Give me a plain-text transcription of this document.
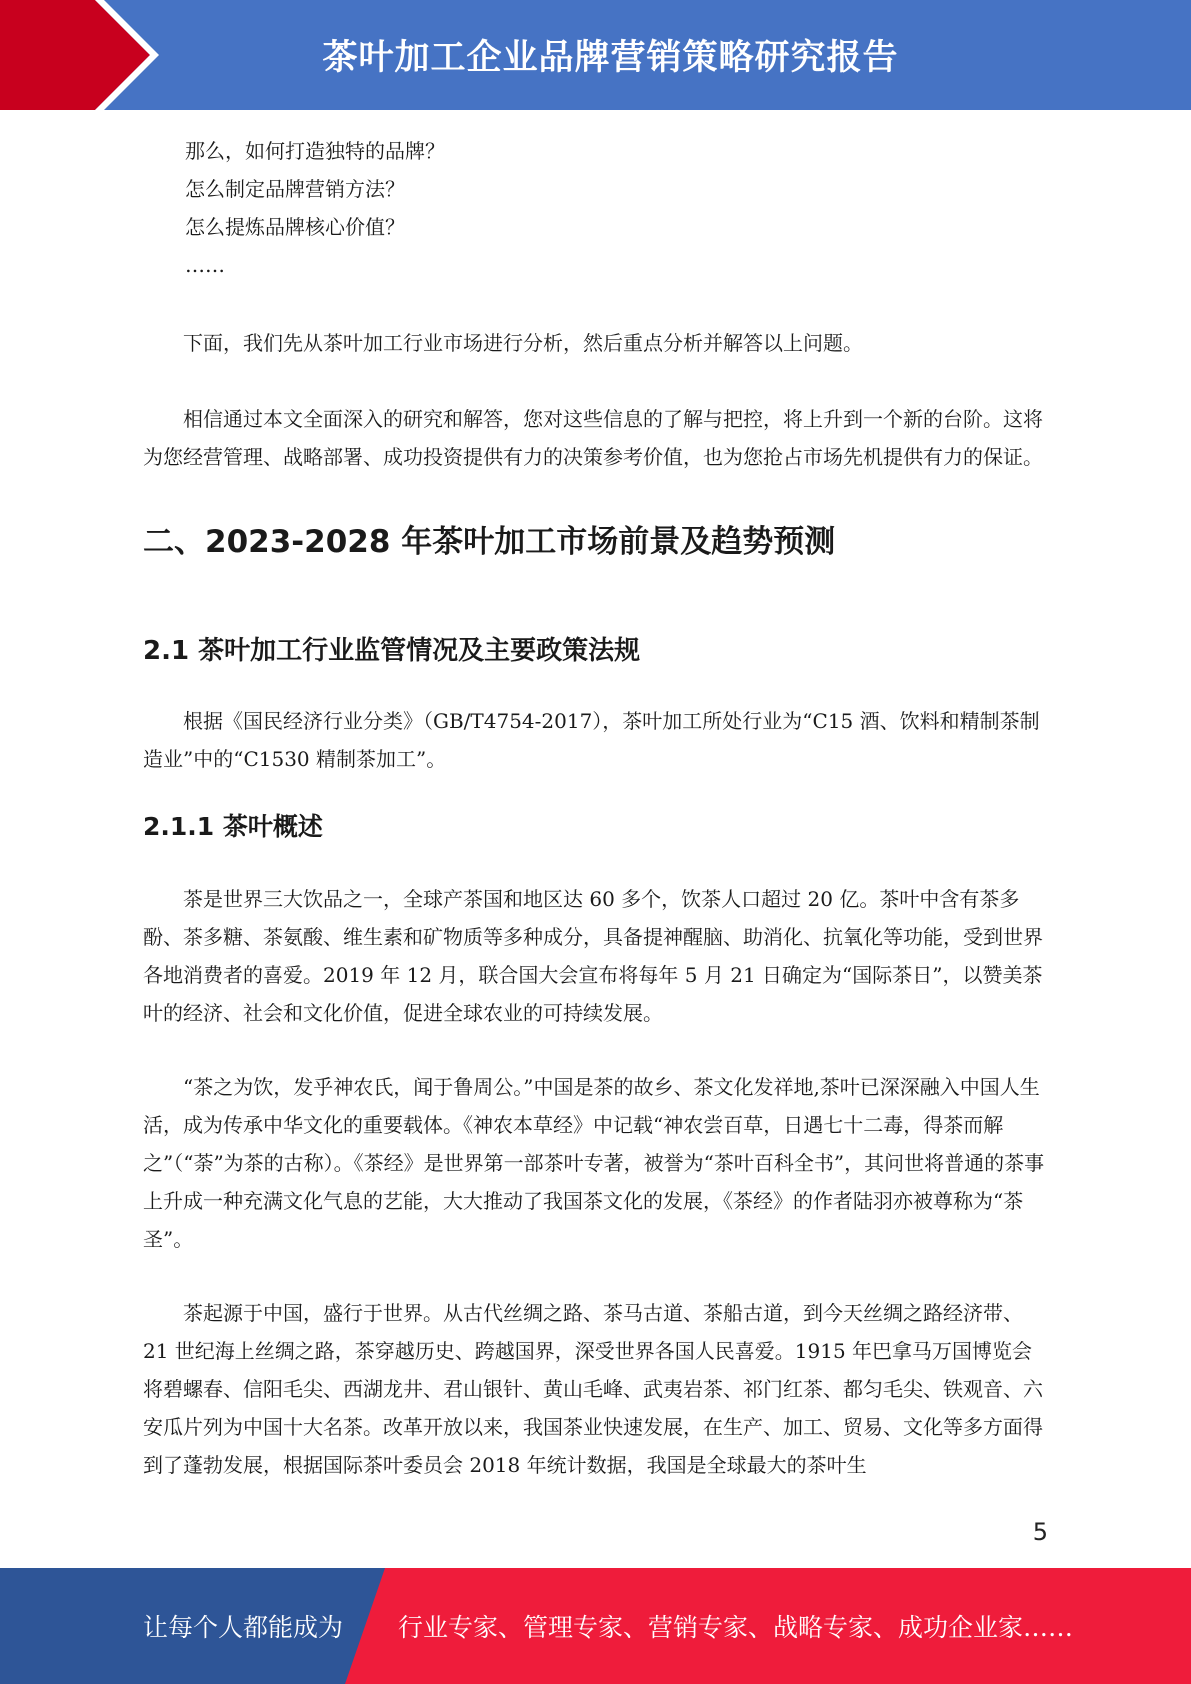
茶叶加工企业品牌营销策略研究报告

那么，如何打造独特的品牌？

怎么制定品牌营销方法？

怎么提炼品牌核心价值？

……

下面，我们先从茶叶加工行业市场进行分析，然后重点分析并解答以上问题。

相信通过本文全面深入的研究和解答，您对这些信息的了解与把控，将上升到一个新的台阶。这将为您经营管理、战略部署、成功投资提供有力的决策参考价值，也为您抢占市场先机提供有力的保证。

二、2023-2028 年茶叶加工市场前景及趋势预测
2.1 茶叶加工行业监管情况及主要政策法规

根据《国民经济行业分类》（GB/T4754-2017），茶叶加工所处行业为“C15 酒、饮料和精制茶制造业”中的“C1530 精制茶加工”。

2.1.1 茶叶概述

茶是世界三大饮品之一，全球产茶国和地区达 60 多个，饮茶人口超过 20 亿。茶叶中含有茶多酚、茶多糖、茶氨酸、维生素和矿物质等多种成分，具备提神醒脑、助消化、抗氧化等功能，受到世界各地消费者的喜爱。2019 年 12 月，联合国大会宣布将每年 5 月 21 日确定为“国际茶日”，以赞美茶叶的经济、社会和文化价值，促进全球农业的可持续发展。

“茶之为饮，发乎神农氏，闻于鲁周公。”中国是茶的故乡、茶文化发祥地,茶叶已深深融入中国人生活，成为传承中华文化的重要载体。《神农本草经》中记载“神农尝百草，日遇七十二毒，得茶而解之”（“荼”为茶的古称）。《茶经》是世界第一部茶叶专著，被誉为“茶叶百科全书”，其问世将普通的茶事上升成一种充满文化气息的艺能，大大推动了我国茶文化的发展，《茶经》的作者陆羽亦被尊称为“茶圣”。

茶起源于中国，盛行于世界。从古代丝绸之路、茶马古道、茶船古道，到今天丝绸之路经济带、21 世纪海上丝绸之路，茶穿越历史、跨越国界，深受世界各国人民喜爱。1915 年巴拿马万国博览会将碧螺春、信阳毛尖、西湖龙井、君山银针、黄山毛峰、武夷岩茶、祁门红茶、都匀毛尖、铁观音、六安瓜片列为中国十大名茶。改革开放以来，我国茶业快速发展，在生产、加工、贸易、文化等多方面得到了蓬勃发展，根据国际茶叶委员会 2018 年统计数据，我国是全球最大的茶叶生

5
让每个人都能成为 行业专家、管理专家、营销专家、战略专家、成功企业家……
